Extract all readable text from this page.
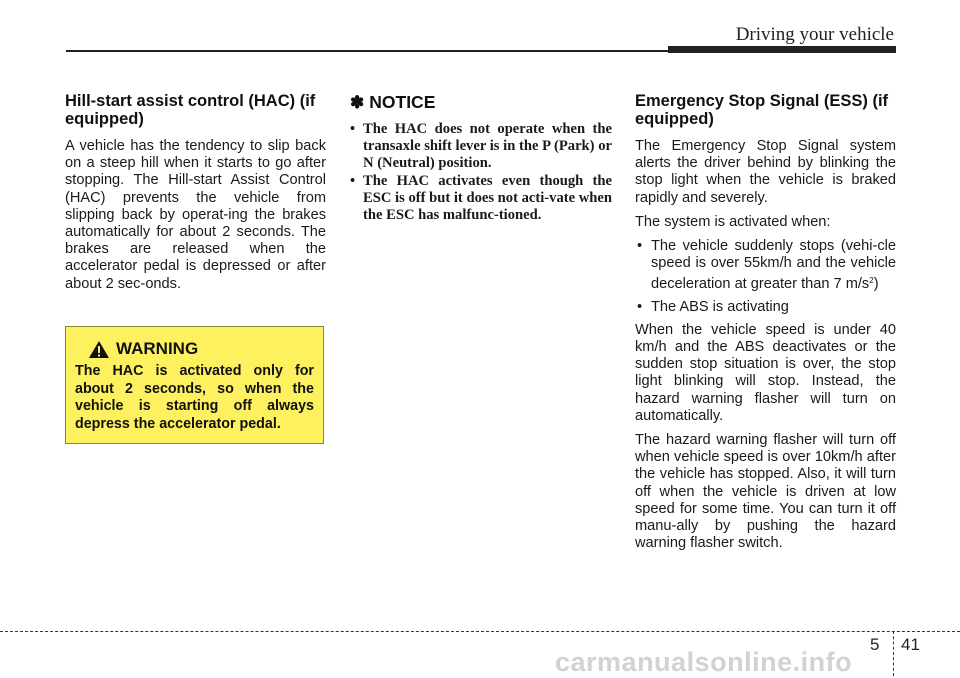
Driving your vehicle
Hill-start assist control (HAC) (if equipped)

A vehicle has the tendency to slip back on a steep hill when it starts to go after stopping. The Hill-start Assist Control (HAC) prevents the vehicle from slipping back by operat-ing the brakes automatically for about 2 seconds. The brakes are released when the accelerator pedal is depressed or after about 2 sec-onds.

WARNING

The HAC is activated only for about 2 seconds, so when the vehicle is starting off always depress the accelerator pedal.

✽ NOTICE
• The HAC does not operate when the transaxle shift lever is in the P (Park) or N (Neutral) position.
• The HAC activates even though the ESC is off but it does not acti-vate when the ESC has malfunc-tioned.
Emergency Stop Signal (ESS) (if equipped)

The Emergency Stop Signal system alerts the driver behind by blinking the stop light when the vehicle is braked rapidly and severely.

The system is activated when:

• The vehicle suddenly stops (vehi-cle speed is over 55km/h and the vehicle deceleration at greater than 7 $m/s^2$)
• The ABS is activating

When the vehicle speed is under 40 km/h and the ABS deactivates or the sudden stop situation is over, the stop light blinking will stop. Instead, the hazard warning flasher will turn on automatically.

The hazard warning flasher will turn off when vehicle speed is over 10km/h after the vehicle has stopped. Also, it will turn off when the vehicle is driven at low speed for some time. You can turn it off manu-ally by pushing the hazard warning flasher switch.

5 41
carmanualsonline.info
